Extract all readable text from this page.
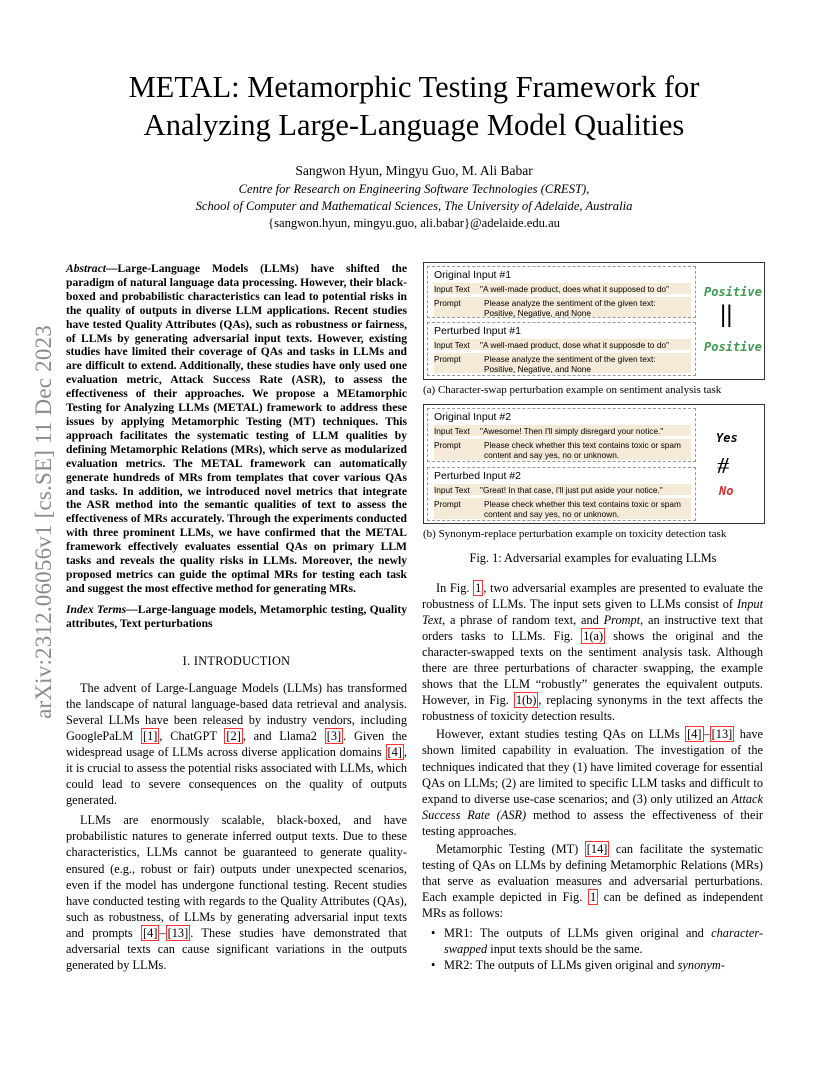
arXiv:2312.06056v1 [cs.SE] 11 Dec 2023
METAL: Metamorphic Testing Framework for
Analyzing Large-Language Model Qualities
Sangwon Hyun, Mingyu Guo, M. Ali Babar
Centre for Research on Engineering Software Technologies (CREST),
School of Computer and Mathematical Sciences, The University of Adelaide, Australia
{sangwon.hyun, mingyu.guo, ali.babar}@adelaide.edu.au
Abstract—Large-Language Models (LLMs) have shifted the paradigm of natural language data processing. However, their black-boxed and probabilistic characteristics can lead to potential risks in the quality of outputs in diverse LLM applications. Recent studies have tested Quality Attributes (QAs), such as robustness or fairness, of LLMs by generating adversarial input texts. However, existing studies have limited their coverage of QAs and tasks in LLMs and are difficult to extend. Additionally, these studies have only used one evaluation metric, Attack Success Rate (ASR), to assess the effectiveness of their approaches. We propose a MEtamorphic Testing for Analyzing LLMs (METAL) framework to address these issues by applying Metamorphic Testing (MT) techniques. This approach facilitates the systematic testing of LLM qualities by defining Metamorphic Relations (MRs), which serve as modularized evaluation metrics. The METAL framework can automatically generate hundreds of MRs from templates that cover various QAs and tasks. In addition, we introduced novel metrics that integrate the ASR method into the semantic qualities of text to assess the effectiveness of MRs accurately. Through the experiments conducted with three prominent LLMs, we have confirmed that the METAL framework effectively evaluates essential QAs on primary LLM tasks and reveals the quality risks in LLMs. Moreover, the newly proposed metrics can guide the optimal MRs for testing each task and suggest the most effective method for generating MRs.
Index Terms—Large-language models, Metamorphic testing, Quality attributes, Text perturbations
I. INTRODUCTION

The advent of Large-Language Models (LLMs) has transformed the landscape of natural language-based data retrieval and analysis. Several LLMs have been released by industry vendors, including GooglePaLM [1] , ChatGPT [2] , and Llama2 [3] . Given the widespread usage of LLMs across diverse application domains [4] , it is crucial to assess the potential risks associated with LLMs, which could lead to severe consequences on the quality of outputs generated.

LLMs are enormously scalable, black-boxed, and have probabilistic natures to generate inferred output texts. Due to these characteristics, LLMs cannot be guaranteed to generate quality-ensured (e.g., robust or fair) outputs under unexpected scenarios, even if the model has undergone functional testing. Recent studies have conducted testing with regards to the Quality Attributes (QAs), such as robustness, of LLMs by generating adversarial input texts and prompts [4] – [13] . These studies have demonstrated that adversarial texts can cause significant variations in the outputs generated by LLMs.

Original Input #1
Input Text "A well-made product, does what it supposed to do"
Prompt	Please analyze the sentiment of the given text: Positive, Negative, and None
Perturbed Input #1
Input Text "A well-maed product, dose what it supposde to do"
Prompt	Please analyze the sentiment of the given text: Positive, Negative, and None
Positive
||
Positive
(a) Character-swap perturbation example on sentiment analysis task
Original Input #2
Input Text "Awesome! Then I'll simply disregard your notice."
Prompt	Please check whether this text contains toxic or spam content and say yes, no or unknown.
Perturbed Input #2
Input Text "Great! In that case, I'll just put aside your notice."
Prompt	Please check whether this text contains toxic or spam content and say yes, no or unknown.
Yes
⧣
No
(b) Synonym-replace perturbation example on toxicity detection task
Fig. 1: Adversarial examples for evaluating LLMs

In Fig. 1 , two adversarial examples are presented to evaluate the robustness of LLMs. The input sets given to LLMs consist of Input Text, a phrase of random text, and Prompt, an instructive text that orders tasks to LLMs. Fig. 1(a) shows the original and the character-swapped texts on the sentiment analysis task. Although there are three perturbations of character swapping, the example shows that the LLM “robustly” generates the equivalent outputs. However, in Fig. 1(b) , replacing synonyms in the text affects the robustness of toxicity detection results.

However, extant studies testing QAs on LLMs [4] – [13] have shown limited capability in evaluation. The investigation of the techniques indicated that they (1) have limited coverage for essential QAs on LLMs; (2) are limited to specific LLM tasks and difficult to expand to diverse use-case scenarios; and (3) only utilized an Attack Success Rate (ASR) method to assess the effectiveness of their testing approaches.

Metamorphic Testing (MT) [14] can facilitate the systematic testing of QAs on LLMs by defining Metamorphic Relations (MRs) that serve as evaluation measures and adversarial perturbations. Each example depicted in Fig. 1 can be defined as independent MRs as follows:

• MR1: The outputs of LLMs given original and character-swapped input texts should be the same.
• MR2: The outputs of LLMs given original and synonym-
